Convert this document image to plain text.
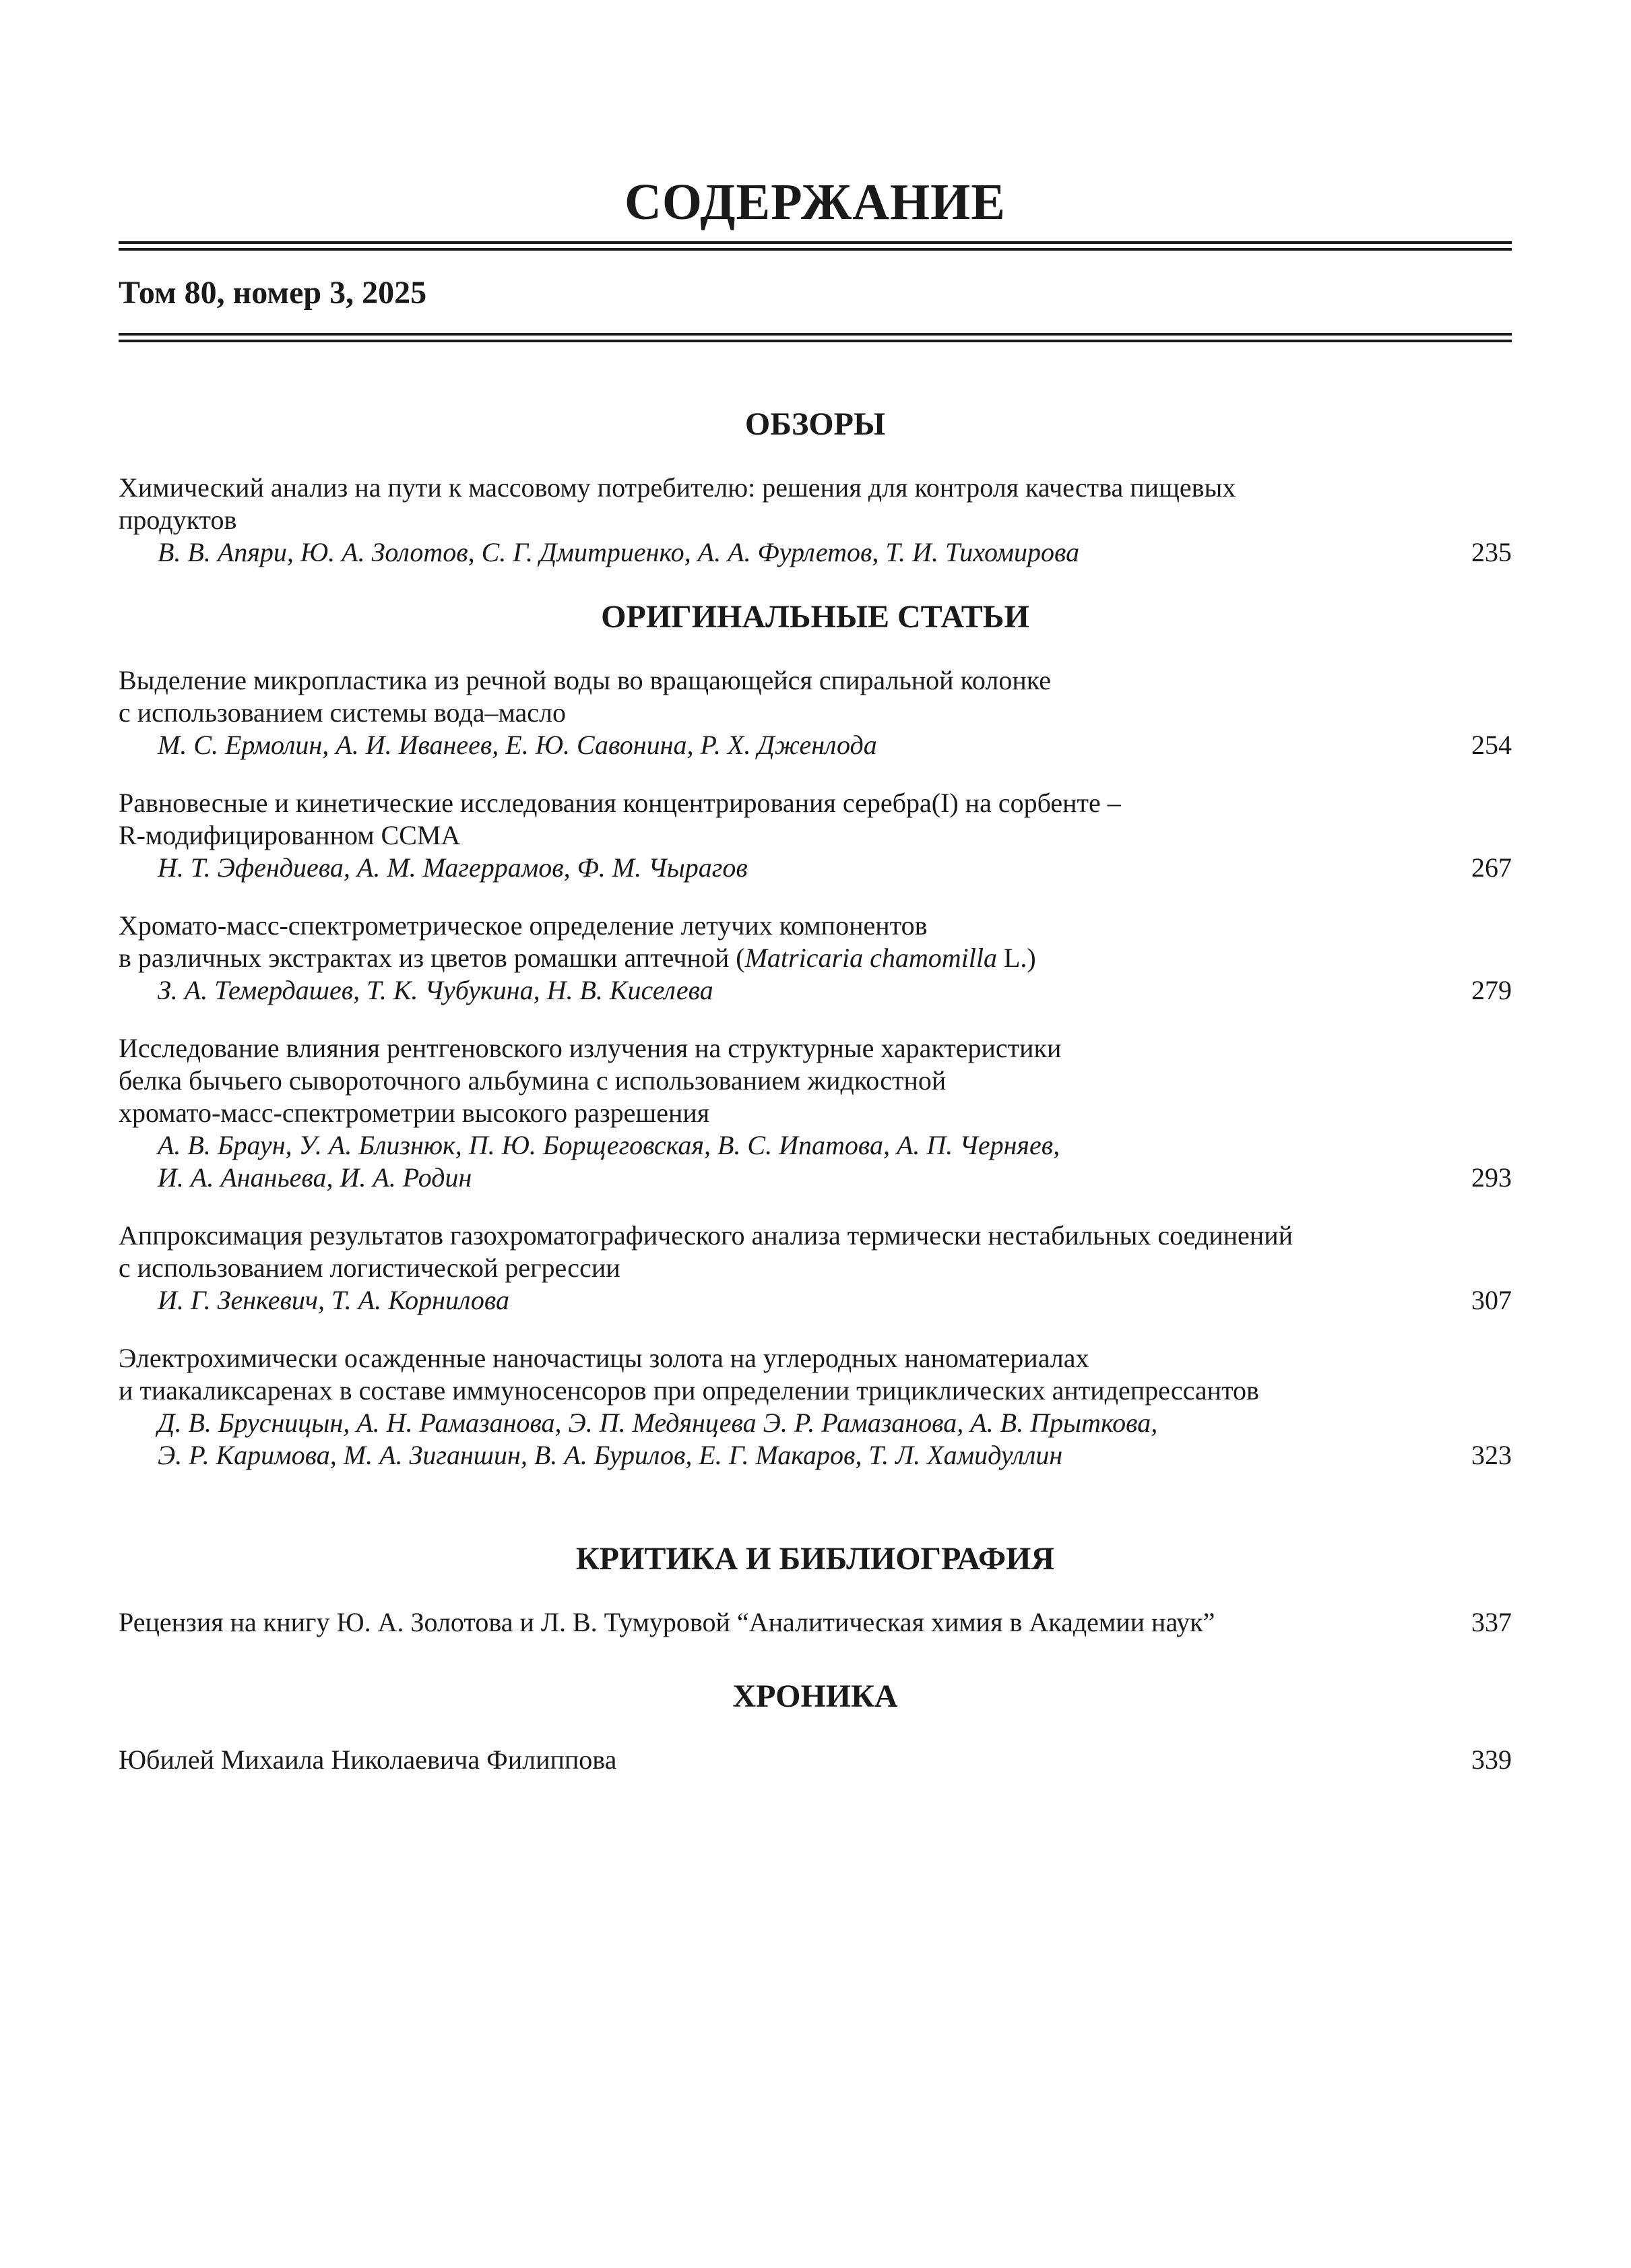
СОДЕРЖАНИЕ
Том 80, номер 3, 2025
ОБЗОРЫ
Химический анализ на пути к массовому потребителю: решения для контроля качества пищевых
продуктов
В. В. Апяри, Ю. А. Золотов, С. Г. Дмитриенко, А. А. Фурлетов, Т. И. Тихомирова	235
ОРИГИНАЛЬНЫЕ СТАТЬИ
Выделение микропластика из речной воды во вращающейся спиральной колонке
с использованием системы вода–масло
М. С. Ермолин, А. И. Иванеев, Е. Ю. Савонина, Р. Х. Дженлода	254
Равновесные и кинетические исследования концентрирования серебра(I) на сорбенте –
R-модифицированном ССМА
Н. Т. Эфендиева, А. М. Магеррамов, Ф. М. Чырагов	267
Хромато-масс-спектрометрическое определение летучих компонентов
в различных экстрактах из цветов ромашки аптечной (Matricaria chamomilla L.)
З. А. Темердашев, Т. К. Чубукина, Н. В. Киселева	279
Исследование влияния рентгеновского излучения на структурные характеристики
белка бычьего сывороточного альбумина с использованием жидкостной
хромато-масс-спектрометрии высокого разрешения
А. В. Браун, У. А. Близнюк, П. Ю. Борщеговская, В. С. Ипатова, А. П. Черняев,
И. А. Ананьева, И. А. Родин	293
Аппроксимация результатов газохроматографического анализа термически нестабильных соединений
с использованием логистической регрессии
И. Г. Зенкевич, Т. А. Корнилова	307
Электрохимически осажденные наночастицы золота на углеродных наноматериалах
и тиакаликсаренах в составе иммуносенсоров при определении трициклических антидепрессантов
Д. В. Брусницын, А. Н. Рамазанова, Э. П. Медянцева Э. Р. Рамазанова, А. В. Прыткова,
Э. Р. Каримова, М. А. Зиганшин, В. А. Бурилов, Е. Г. Макаров, Т. Л. Хамидуллин	323
КРИТИКА И БИБЛИОГРАФИЯ
Рецензия на книгу Ю. А. Золотова и Л. В. Тумуровой “Аналитическая химия в Академии наук”	337
ХРОНИКА
Юбилей Михаила Николаевича Филиппова	339
